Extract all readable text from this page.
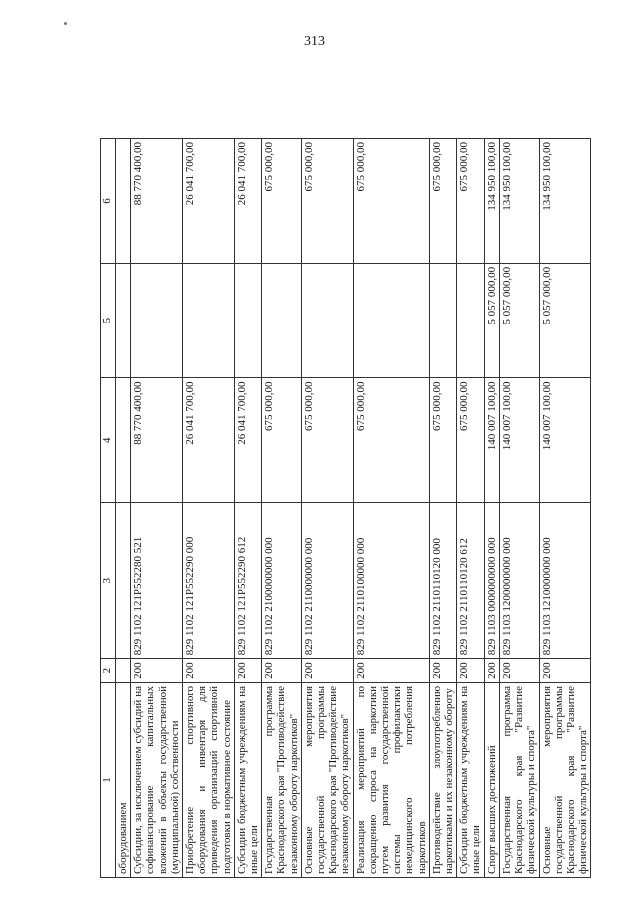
313
1	2	3	4	5	6
оборудованием					
Субсидии, за исключением субсидий на софинансирование капитальных вложений в объекты государственной (муниципальной) собственности	200	829 1102 121P552280 521	88 770 400,00		88 770 400,00
Приобретение спортивного оборудования и инвентаря для приведения организаций спортивной подготовки в нормативное состояние	200	829 1102 121P552290 000	26 041 700,00		26 041 700,00
Субсидии бюджетным учреждениям на иные цели	200	829 1102 121P552290 612	26 041 700,00		26 041 700,00
Государственная программа Краснодарского края "Противодействие незаконному обороту наркотиков"	200	829 1102 2100000000 000	675 000,00		675 000,00
Основные мероприятия государственной программы Краснодарского края "Противодействие незаконному обороту наркотиков"	200	829 1102 2110000000 000	675 000,00		675 000,00
Реализация мероприятий по сокращению спроса на наркотики путем развития государственной системы профилактики немедицинского потребления наркотиков	200	829 1102 2110100000 000	675 000,00		675 000,00
Противодействие злоупотреблению наркотиками и их незаконному обороту	200	829 1102 2110110120 000	675 000,00		675 000,00
Субсидии бюджетным учреждениям на иные цели	200	829 1102 2110110120 612	675 000,00		675 000,00
Спорт высших достижений	200	829 1103 0000000000 000	140 007 100,00	5 057 000,00	134 950 100,00
Государственная программа Краснодарского края "Развитие физической культуры и спорта"	200	829 1103 1200000000 000	140 007 100,00	5 057 000,00	134 950 100,00
Основные мероприятия государственной программы Краснодарского края "Развитие физической культуры и спорта"	200	829 1103 1210000000 000	140 007 100,00	5 057 000,00	134 950 100,00
